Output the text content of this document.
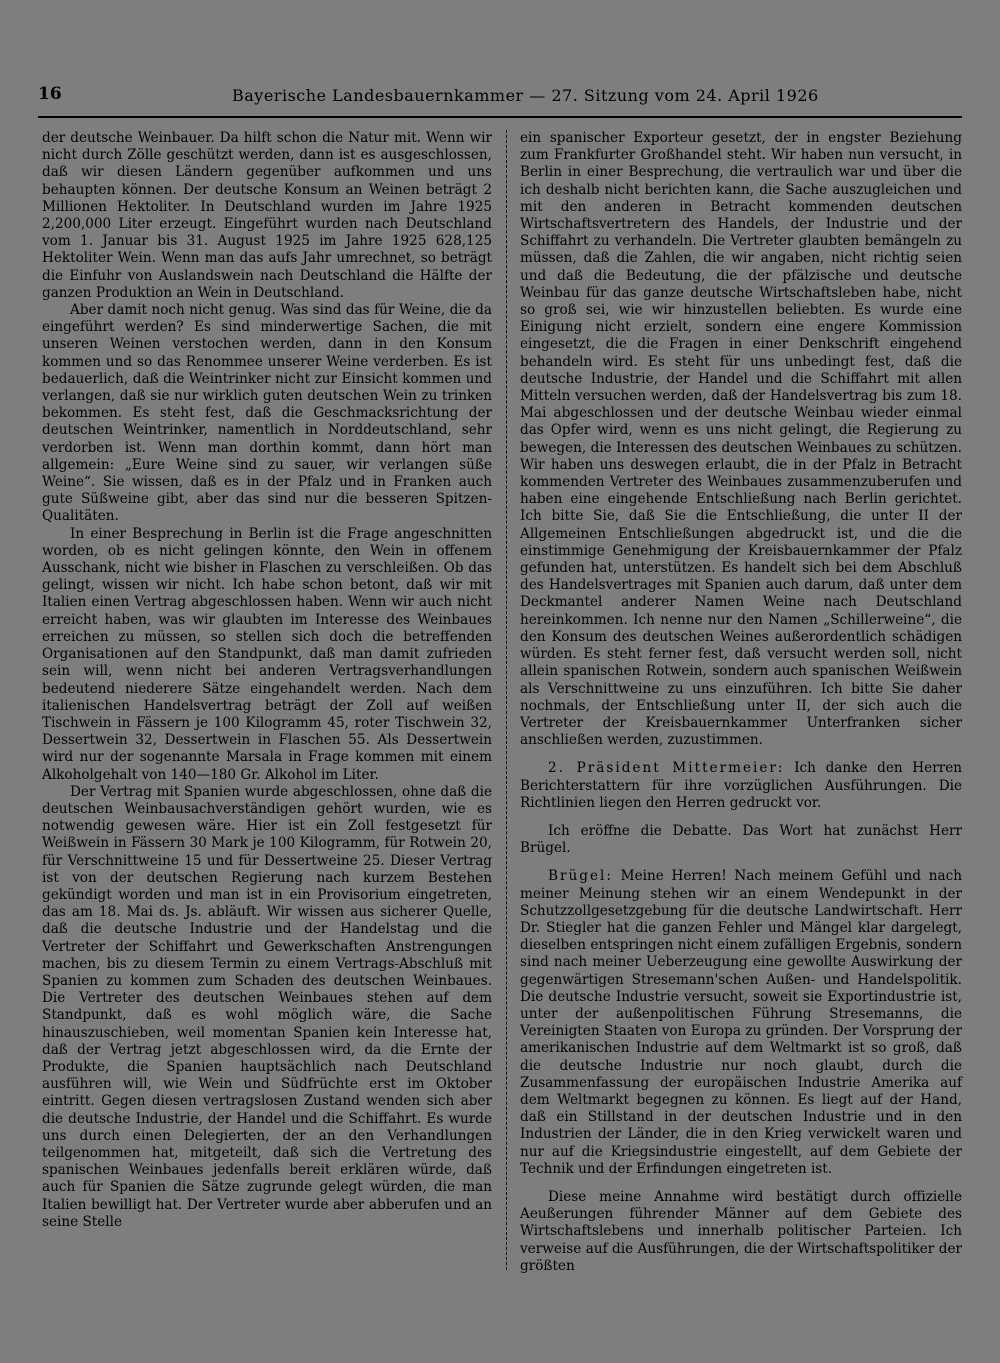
16	Bayerische Landesbauernkammer — 27. Sitzung vom 24. April 1926

der deutsche Weinbauer. Da hilft schon die Natur mit. Wenn wir nicht durch Zölle geschützt werden, dann ist es ausgeschlossen, daß wir diesen Ländern gegenüber aufkommen und uns behaupten können. Der deutsche Konsum an Weinen beträgt 2 Millionen Hektoliter. In Deutschland wurden im Jahre 1925 2,200,000 Liter erzeugt. Eingeführt wurden nach Deutschland vom 1. Januar bis 31. August 1925 im Jahre 1925 628,125 Hektoliter Wein. Wenn man das aufs Jahr umrechnet, so beträgt die Einfuhr von Auslandswein nach Deutschland die Hälfte der ganzen Produktion an Wein in Deutschland.

Aber damit noch nicht genug. Was sind das für Weine, die da eingeführt werden? Es sind minderwertige Sachen, die mit unseren Weinen verstochen werden, dann in den Konsum kommen und so das Renommee unserer Weine verderben. Es ist bedauerlich, daß die Weintrinker nicht zur Einsicht kommen und verlangen, daß sie nur wirklich guten deutschen Wein zu trinken bekommen. Es steht fest, daß die Geschmacksrichtung der deutschen Weintrinker, namentlich in Norddeutschland, sehr verdorben ist. Wenn man dorthin kommt, dann hört man allgemein: „Eure Weine sind zu sauer, wir verlangen süße Weine“. Sie wissen, daß es in der Pfalz und in Franken auch gute Süßweine gibt, aber das sind nur die besseren Spitzen-Qualitäten.

In einer Besprechung in Berlin ist die Frage angeschnitten worden, ob es nicht gelingen könnte, den Wein in offenem Ausschank, nicht wie bisher in Flaschen zu verschleißen. Ob das gelingt, wissen wir nicht. Ich habe schon betont, daß wir mit Italien einen Vertrag abgeschlossen haben. Wenn wir auch nicht erreicht haben, was wir glaubten im Interesse des Weinbaues erreichen zu müssen, so stellen sich doch die betreffenden Organisationen auf den Standpunkt, daß man damit zufrieden sein will, wenn nicht bei anderen Vertragsverhandlungen bedeutend niederere Sätze eingehandelt werden. Nach dem italienischen Handelsvertrag beträgt der Zoll auf weißen Tischwein in Fässern je 100 Kilogramm 45, roter Tischwein 32, Dessertwein 32, Dessertwein in Flaschen 55. Als Dessertwein wird nur der sogenannte Marsala in Frage kommen mit einem Alkoholgehalt von 140—180 Gr. Alkohol im Liter.

Der Vertrag mit Spanien wurde abgeschlossen, ohne daß die deutschen Weinbausachverständigen gehört wurden, wie es notwendig gewesen wäre. Hier ist ein Zoll festgesetzt für Weißwein in Fässern 30 Mark je 100 Kilogramm, für Rotwein 20, für Verschnittweine 15 und für Dessertweine 25. Dieser Vertrag ist von der deutschen Regierung nach kurzem Bestehen gekündigt worden und man ist in ein Provisorium eingetreten, das am 18. Mai ds. Js. abläuft. Wir wissen aus sicherer Quelle, daß die deutsche Industrie und der Handelstag und die Vertreter der Schiffahrt und Gewerkschaften Anstrengungen machen, bis zu diesem Termin zu einem Vertrags-Abschluß mit Spanien zu kommen zum Schaden des deutschen Weinbaues. Die Vertreter des deutschen Weinbaues stehen auf dem Standpunkt, daß es wohl möglich wäre, die Sache hinauszuschieben, weil momentan Spanien kein Interesse hat, daß der Vertrag jetzt abgeschlossen wird, da die Ernte der Produkte, die Spanien hauptsächlich nach Deutschland ausführen will, wie Wein und Südfrüchte erst im Oktober eintritt. Gegen diesen vertragslosen Zustand wenden sich aber die deutsche Industrie, der Handel und die Schiffahrt. Es wurde uns durch einen Delegierten, der an den Verhandlungen teilgenommen hat, mitgeteilt, daß sich die Vertretung des spanischen Weinbaues jedenfalls bereit erklären würde, daß auch für Spanien die Sätze zugrunde gelegt würden, die man Italien bewilligt hat. Der Vertreter wurde aber abberufen und an seine Stelle

ein spanischer Exporteur gesetzt, der in engster Beziehung zum Frankfurter Großhandel steht. Wir haben nun versucht, in Berlin in einer Besprechung, die vertraulich war und über die ich deshalb nicht berichten kann, die Sache auszugleichen und mit den anderen in Betracht kommenden deutschen Wirtschaftsvertretern des Handels, der Industrie und der Schiffahrt zu verhandeln. Die Vertreter glaubten bemängeln zu müssen, daß die Zahlen, die wir angaben, nicht richtig seien und daß die Bedeutung, die der pfälzische und deutsche Weinbau für das ganze deutsche Wirtschaftsleben habe, nicht so groß sei, wie wir hinzustellen beliebten. Es wurde eine Einigung nicht erzielt, sondern eine engere Kommission eingesetzt, die die Fragen in einer Denkschrift eingehend behandeln wird. Es steht für uns unbedingt fest, daß die deutsche Industrie, der Handel und die Schiffahrt mit allen Mitteln versuchen werden, daß der Handelsvertrag bis zum 18. Mai abgeschlossen und der deutsche Weinbau wieder einmal das Opfer wird, wenn es uns nicht gelingt, die Regierung zu bewegen, die Interessen des deutschen Weinbaues zu schützen. Wir haben uns deswegen erlaubt, die in der Pfalz in Betracht kommenden Vertreter des Weinbaues zusammenzuberufen und haben eine eingehende Entschließung nach Berlin gerichtet. Ich bitte Sie, daß Sie die Entschließung, die unter II der Allgemeinen Entschließungen abgedruckt ist, und die die einstimmige Genehmigung der Kreisbauernkammer der Pfalz gefunden hat, unterstützen. Es handelt sich bei dem Abschluß des Handelsvertrages mit Spanien auch darum, daß unter dem Deckmantel anderer Namen Weine nach Deutschland hereinkommen. Ich nenne nur den Namen „Schillerweine“, die den Konsum des deutschen Weines außerordentlich schädigen würden. Es steht ferner fest, daß versucht werden soll, nicht allein spanischen Rotwein, sondern auch spanischen Weißwein als Verschnittweine zu uns einzuführen. Ich bitte Sie daher nochmals, der Entschließung unter II, der sich auch die Vertreter der Kreisbauernkammer Unterfranken sicher anschließen werden, zuzustimmen.

2. Präsident Mittermeier: Ich danke den Herren Berichterstattern für ihre vorzüglichen Ausführungen. Die Richtlinien liegen den Herren gedruckt vor.

Ich eröffne die Debatte. Das Wort hat zunächst Herr Brügel.

Brügel: Meine Herren! Nach meinem Gefühl und nach meiner Meinung stehen wir an einem Wendepunkt in der Schutzzollgesetzgebung für die deutsche Landwirtschaft. Herr Dr. Stiegler hat die ganzen Fehler und Mängel klar dargelegt, dieselben entspringen nicht einem zufälligen Ergebnis, sondern sind nach meiner Ueberzeugung eine gewollte Auswirkung der gegenwärtigen Stresemann'schen Außen- und Handelspolitik. Die deutsche Industrie versucht, soweit sie Exportindustrie ist, unter der außenpolitischen Führung Stresemanns, die Vereinigten Staaten von Europa zu gründen. Der Vorsprung der amerikanischen Industrie auf dem Weltmarkt ist so groß, daß die deutsche Industrie nur noch glaubt, durch die Zusammenfassung der europäischen Industrie Amerika auf dem Weltmarkt begegnen zu können. Es liegt auf der Hand, daß ein Stillstand in der deutschen Industrie und in den Industrien der Länder, die in den Krieg verwickelt waren und nur auf die Kriegsindustrie eingestellt, auf dem Gebiete der Technik und der Erfindungen eingetreten ist.

Diese meine Annahme wird bestätigt durch offizielle Aeußerungen führender Männer auf dem Gebiete des Wirtschaftslebens und innerhalb politischer Parteien. Ich verweise auf die Ausführungen, die der Wirtschaftspolitiker der größten
